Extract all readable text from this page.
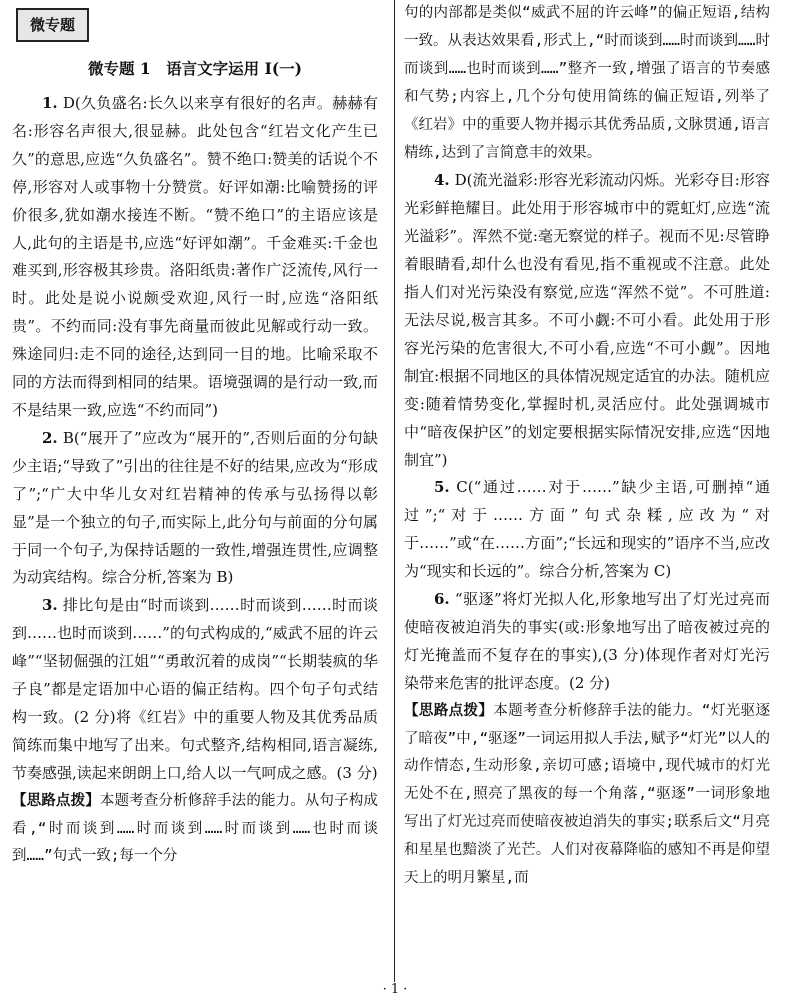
微专题
微专题 1　语言文字运用 Ⅰ(一)

1. D(久负盛名:长久以来享有很好的名声。赫赫有名:形容名声很大,很显赫。此处包含“红岩文化产生已久”的意思,应选“久负盛名”。赞不绝口:赞美的话说个不停,形容对人或事物十分赞赏。好评如潮:比喻赞扬的评价很多,犹如潮水接连不断。“赞不绝口”的主语应该是人,此句的主语是书,应选“好评如潮”。千金难买:千金也难买到,形容极其珍贵。洛阳纸贵:著作广泛流传,风行一时。此处是说小说颇受欢迎,风行一时,应选“洛阳纸贵”。不约而同:没有事先商量而彼此见解或行动一致。殊途同归:走不同的途径,达到同一目的地。比喻采取不同的方法而得到相同的结果。语境强调的是行动一致,而不是结果一致,应选“不约而同”)

2. B(“展开了”应改为“展开的”,否则后面的分句缺少主语;“导致了”引出的往往是不好的结果,应改为“形成了”;“广大中华儿女对红岩精神的传承与弘扬得以彰显”是一个独立的句子,而实际上,此分句与前面的分句属于同一个句子,为保持话题的一致性,增强连贯性,应调整为动宾结构。综合分析,答案为 B)

3. 排比句是由“时而谈到……时而谈到……时而谈到……也时而谈到……”的句式构成的,“威武不屈的许云峰”“坚韧倔强的江姐”“勇敢沉着的成岗”“长期装疯的华子良”都是定语加中心语的偏正结构。四个句子句式结构一致。(2 分)将《红岩》中的重要人物及其优秀品质简练而集中地写了出来。句式整齐,结构相同,语言凝练,节奏感强,读起来朗朗上口,给人以一气呵成之感。(3 分)

【思路点拨】本题考查分析修辞手法的能力。从句子构成看,“时而谈到……时而谈到……时而谈到……也时而谈到……”句式一致;每一个分

句的内部都是类似“威武不屈的许云峰”的偏正短语,结构一致。从表达效果看,形式上,“时而谈到……时而谈到……时而谈到……也时而谈到……”整齐一致,增强了语言的节奏感和气势;内容上,几个分句使用简练的偏正短语,列举了《红岩》中的重要人物并揭示其优秀品质,文脉贯通,语言精练,达到了言简意丰的效果。

4. D(流光溢彩:形容光彩流动闪烁。光彩夺目:形容光彩鲜艳耀目。此处用于形容城市中的霓虹灯,应选“流光溢彩”。浑然不觉:毫无察觉的样子。视而不见:尽管睁着眼睛看,却什么也没有看见,指不重视或不注意。此处指人们对光污染没有察觉,应选“浑然不觉”。不可胜道:无法尽说,极言其多。不可小觑:不可小看。此处用于形容光污染的危害很大,不可小看,应选“不可小觑”。因地制宜:根据不同地区的具体情况规定适宜的办法。随机应变:随着情势变化,掌握时机,灵活应付。此处强调城市中“暗夜保护区”的划定要根据实际情况安排,应选“因地制宜”)

5. C(“通过……对于……”缺少主语,可删掉“通过”;“对于……方面”句式杂糅,应改为“对于……”或“在……方面”;“长远和现实的”语序不当,应改为“现实和长远的”。综合分析,答案为 C)

6. “驱逐”将灯光拟人化,形象地写出了灯光过亮而使暗夜被迫消失的事实(或:形象地写出了暗夜被过亮的灯光掩盖而不复存在的事实),(3 分)体现作者对灯光污染带来危害的批评态度。(2 分)

【思路点拨】本题考查分析修辞手法的能力。“灯光驱逐了暗夜”中,“驱逐”一词运用拟人手法,赋予“灯光”以人的动作情态,生动形象,亲切可感;语境中,现代城市的灯光无处不在,照亮了黑夜的每一个角落,“驱逐”一词形象地写出了灯光过亮而使暗夜被迫消失的事实;联系后文“月亮和星星也黯淡了光芒。人们对夜幕降临的感知不再是仰望天上的明月繁星,而

· 1 ·
